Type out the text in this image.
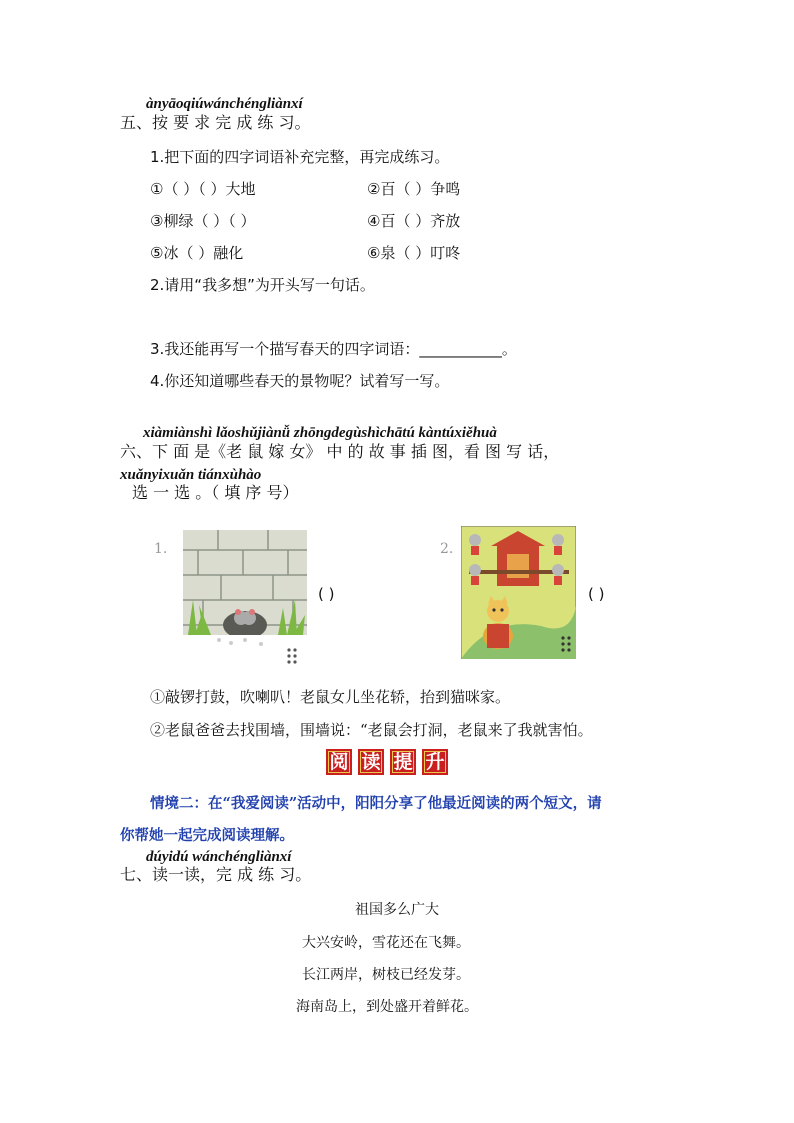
ànyāoqiúwánchéngliànxí
五、按 要 求 完 成 练 习。
1.把下面的四字词语补充完整，再完成练习。
①（ ）（ ）大地	②百（ ）争鸣
③柳绿（ ）（ ）	④百（ ）齐放
⑤冰（ ）融化	⑥泉（ ）叮咚
2.请用“我多想”为开头写一句话。
3.我还能再写一个描写春天的四字词语：___________。
4.你还知道哪些春天的景物呢？试着写一写。
xiàmiànshì lǎoshǔjiànǚ zhōngdegùshìchātú kàntúxiěhuà
六、下 面 是《老 鼠 嫁 女》 中 的 故 事 插 图，看 图 写 话，
xuǎnyixuǎn tiánxùhào
选 一 选 。（ 填 序 号）
1.
( )
2.
( )
①敲锣打鼓，吹喇叭！老鼠女儿坐花轿，抬到猫咪家。
②老鼠爸爸去找围墙，围墙说：“老鼠会打洞，老鼠来了我就害怕。
阅 读 提 升
情境二：在“我爱阅读”活动中，阳阳分享了他最近阅读的两个短文，请
你帮她一起完成阅读理解。
dúyidú wánchéngliànxí
七、读一读，完 成 练 习。
祖国多么广大
大兴安岭，雪花还在飞舞。
长江两岸，树枝已经发芽。
海南岛上，到处盛开着鲜花。
